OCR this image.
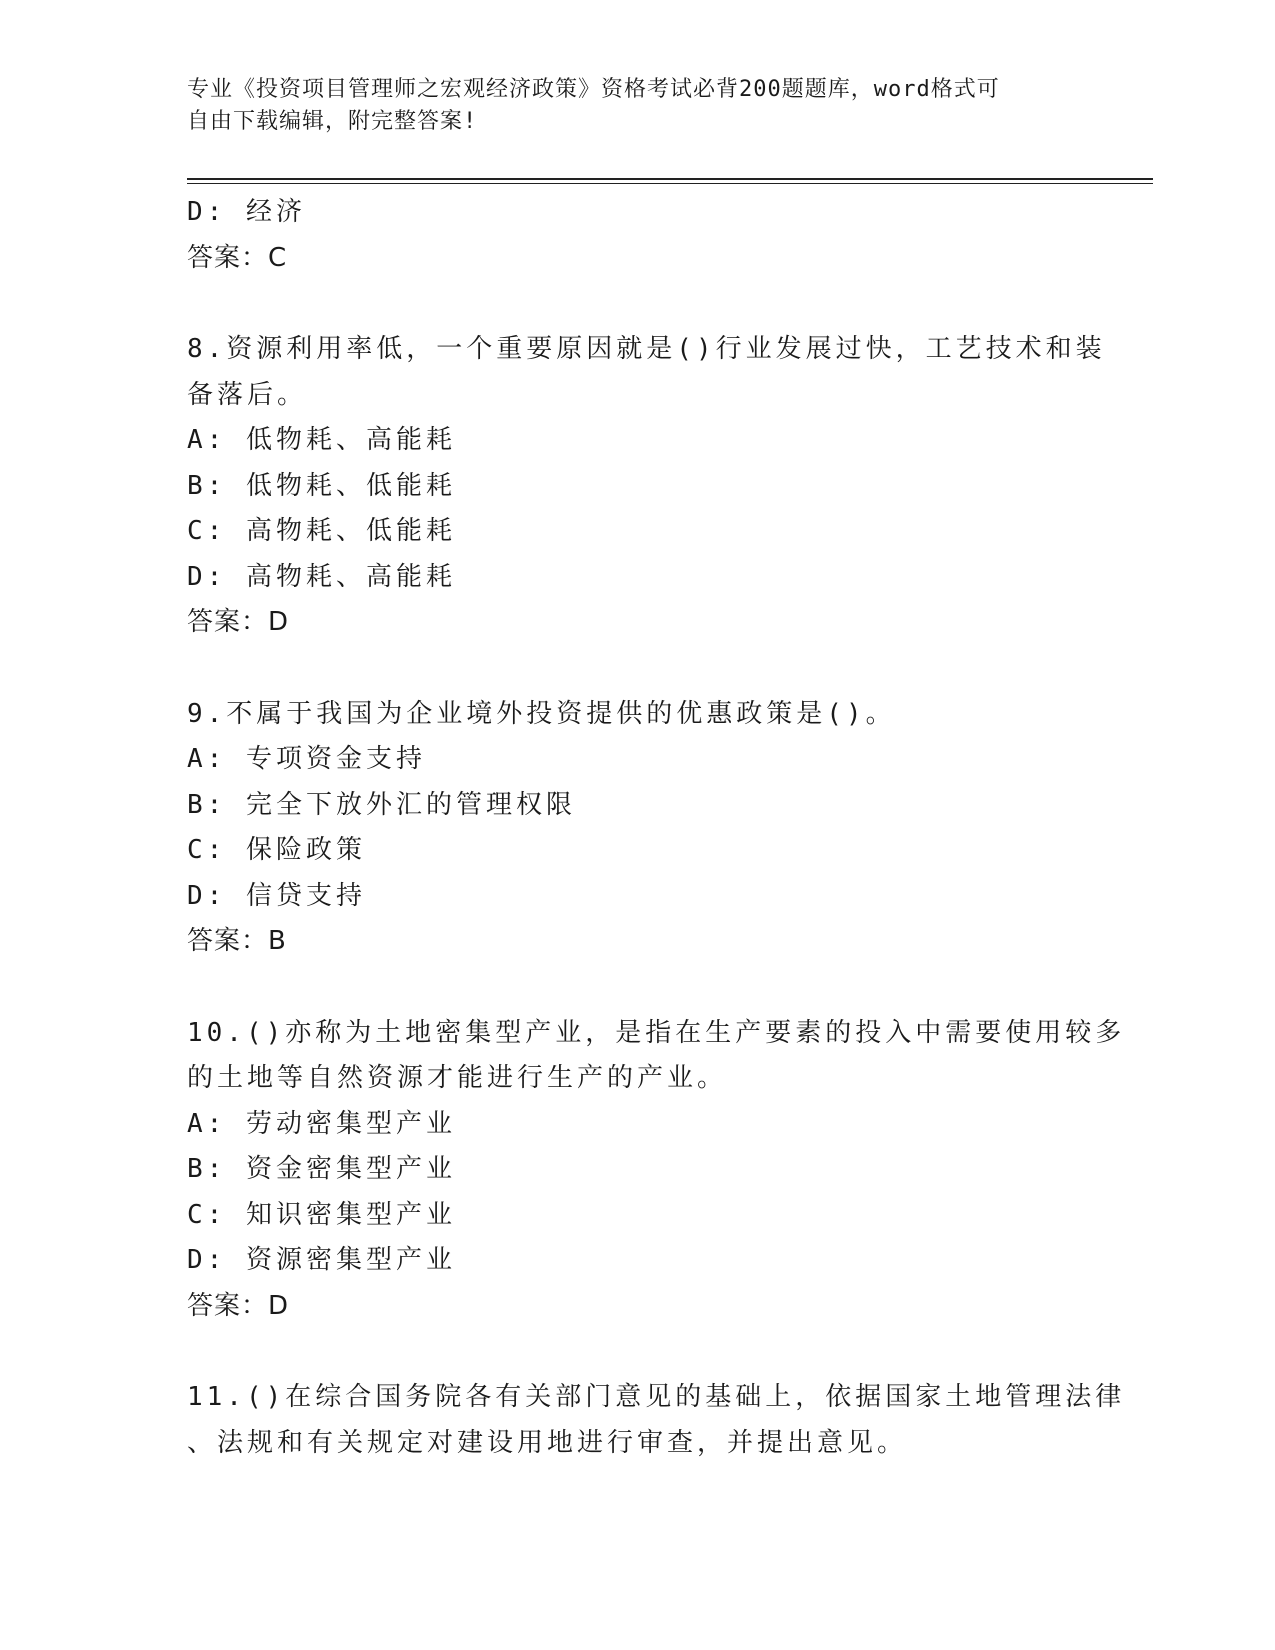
专业《投资项目管理师之宏观经济政策》资格考试必背200题题库，word格式可
自由下载编辑，附完整答案!
D: 经济
答案：C
8.资源利用率低，一个重要原因就是()行业发展过快，工艺技术和装
备落后。
A: 低物耗、高能耗
B: 低物耗、低能耗
C: 高物耗、低能耗
D: 高物耗、高能耗
答案：D
9.不属于我国为企业境外投资提供的优惠政策是()。
A: 专项资金支持
B: 完全下放外汇的管理权限
C: 保险政策
D: 信贷支持
答案：B
10.()亦称为土地密集型产业，是指在生产要素的投入中需要使用较多
的土地等自然资源才能进行生产的产业。
A: 劳动密集型产业
B: 资金密集型产业
C: 知识密集型产业
D: 资源密集型产业
答案：D
11.()在综合国务院各有关部门意见的基础上，依据国家土地管理法律
、法规和有关规定对建设用地进行审查，并提出意见。
